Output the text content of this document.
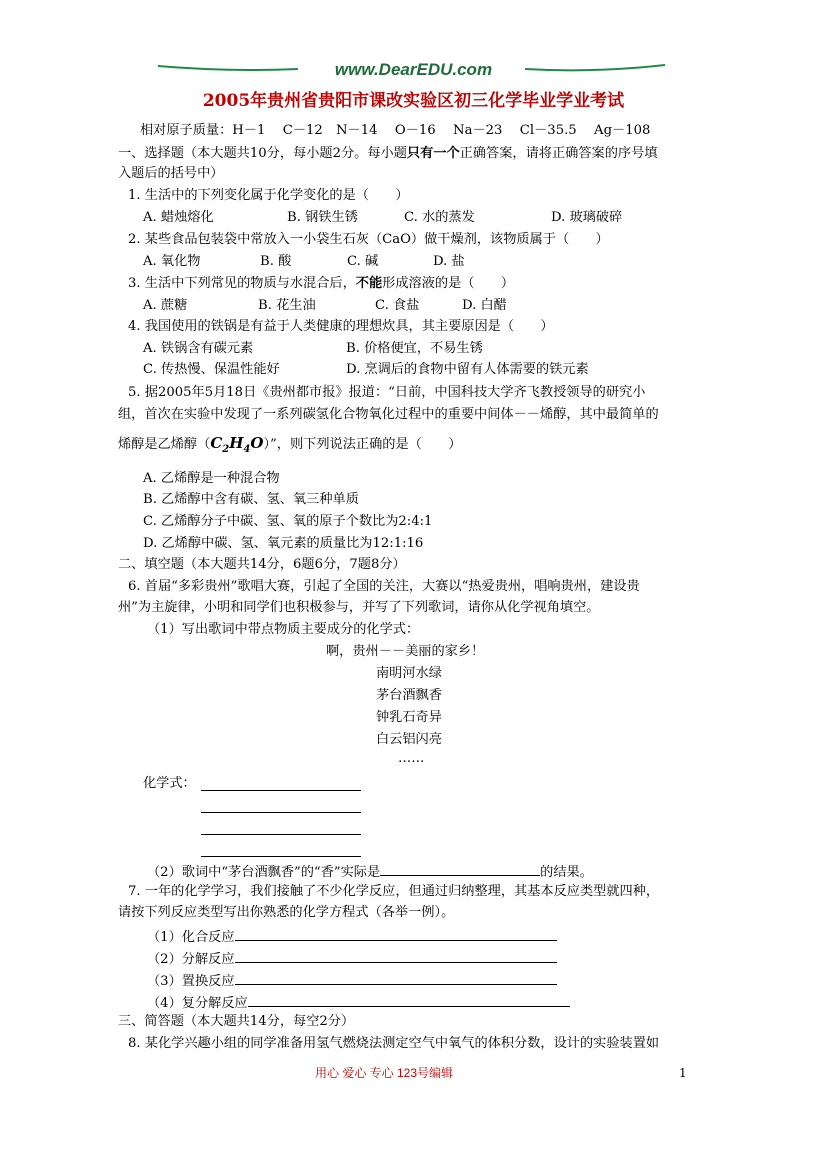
www.DearEDU.com
2005年贵州省贵阳市课改实验区初三化学毕业学业考试
相对原子质量：H－1　 C－12　N－14　 O－16　 Na－23　 Cl－35.5　 Ag－108
一、选择题（本大题共10分，每小题2分。每小题只有一个正确答案，请将正确答案的序号填
入题后的括号中）
1. 生活中的下列变化属于化学变化的是（　　）
A. 蜡烛熔化	B. 钢铁生锈	C. 水的蒸发	D. 玻璃破碎
2. 某些食品包装袋中常放入一小袋生石灰（CaO）做干燥剂，该物质属于（　　）
A. 氧化物	B. 酸	C. 碱	D. 盐
3. 生活中下列常见的物质与水混合后，不能形成溶液的是（　　）
A. 蔗糖	B. 花生油	C. 食盐	D. 白醋
4. 我国使用的铁锅是有益于人类健康的理想炊具，其主要原因是（　　）
A. 铁锅含有碳元素	B. 价格便宜，不易生锈
C. 传热慢、保温性能好	D. 烹调后的食物中留有人体需要的铁元素
5. 据2005年5月18日《贵州都市报》报道：“日前，中国科技大学齐飞教授领导的研究小
组，首次在实验中发现了一系列碳氢化合物氧化过程中的重要中间体－－烯醇，其中最简单的
烯醇是乙烯醇$(C_2H_4O)$”，则下列说法正确的是（　　）
A. 乙烯醇是一种混合物
B. 乙烯醇中含有碳、氢、氧三种单质
C. 乙烯醇分子中碳、氢、氧的原子个数比为2:4:1
D. 乙烯醇中碳、氢、氧元素的质量比为12:1:16
二、填空题（本大题共14分，6题6分，7题8分）
6. 首届“多彩贵州”歌唱大赛，引起了全国的关注，大赛以“热爱贵州，唱响贵州，建设贵
州”为主旋律，小明和同学们也积极参与，并写了下列歌词，请你从化学视角填空。
（1）写出歌词中带点物质主要成分的化学式：
啊，贵州－－美丽的家乡！
南明河水绿
茅台酒飘香
钟乳石奇异
白云铝闪亮
……
化学式：
（2）歌词中“茅台酒飘香”的“香”实际是	的结果。
7. 一年的化学学习，我们接触了不少化学反应，但通过归纳整理，其基本反应类型就四种，
请按下列反应类型写出你熟悉的化学方程式（各举一例）。
（1）化合反应
（2）分解反应
（3）置换反应
（4）复分解反应
三、简答题（本大题共14分，每空2分）
8. 某化学兴趣小组的同学准备用氢气燃烧法测定空气中氧气的体积分数，设计的实验装置如
用心 爱心 专心 123号编辑	1
